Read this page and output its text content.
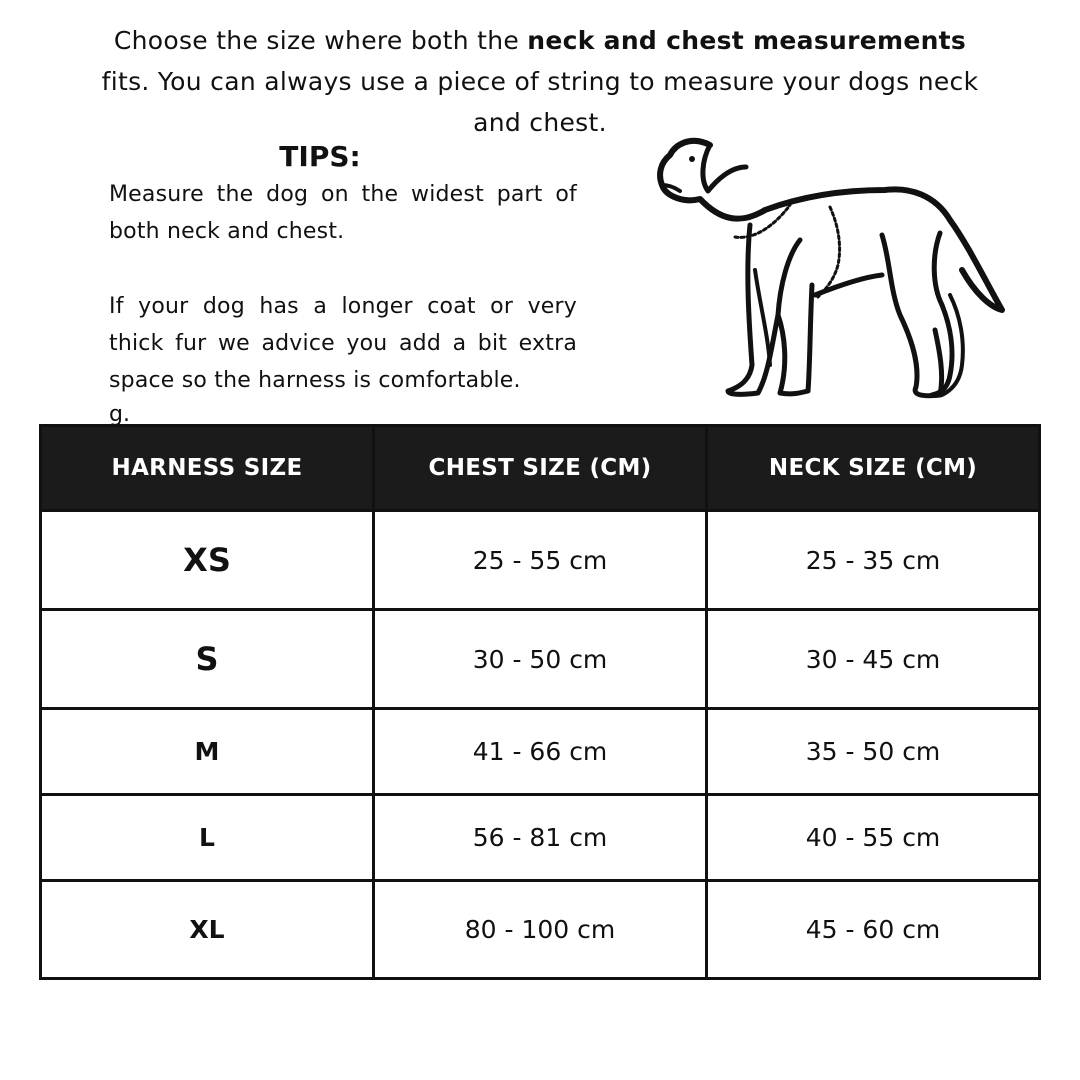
Choose the size where both the neck and chest measurements fits. You can always use a piece of string to measure your dogs neck and chest.
TIPS:
Measure the dog on the widest part of both neck and chest.
If your dog has a longer coat or very thick fur we advice you add a bit extra space so the harness is comfortable.
g.
HARNESS SIZE	CHEST SIZE (CM)	NECK SIZE (CM)
XS	25 - 55 cm	25 - 35 cm
S	30 - 50 cm	30 - 45 cm
M	41 - 66 cm	35 - 50 cm
L	56 - 81 cm	40 - 55 cm
XL	80 - 100 cm	45 - 60 cm
